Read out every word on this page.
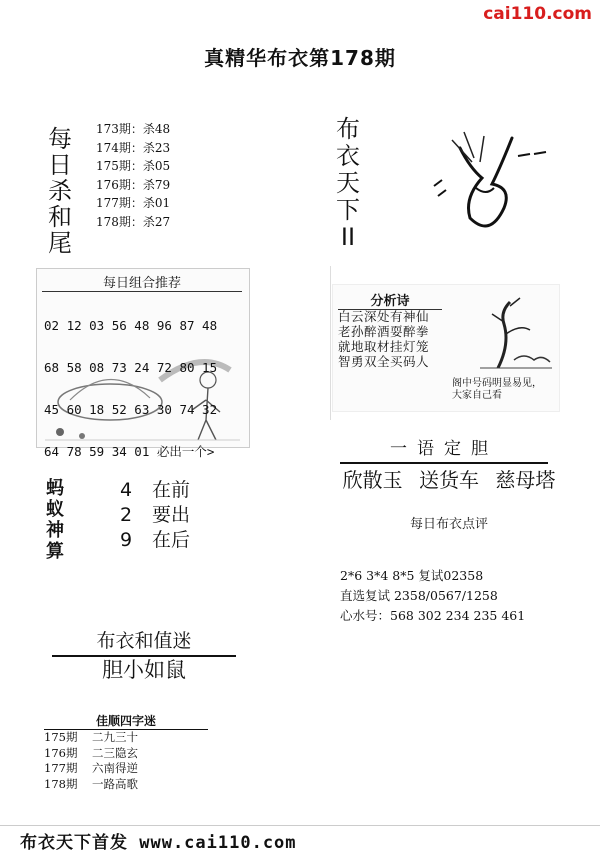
cai110.com
真精华布衣第178期
每
日
杀
和
尾
173期：杀48
174期：杀23
175期：杀05
176期：杀79
177期：杀01
178期：杀27
每日组合推荐

02 12 03 56 48 96 87 48

68 58 08 73 24 72 80 15

45 60 18 52 63 30 74 32

64 78 59 34 01 必出一个>

蚂
蚁
神
算
4 在前
2 要出
9 在后
布衣和值迷
胆小如鼠
佳顺四字迷
175期 二九三十
176期 二三隐玄
177期 六南得逆
178期 一路高歌
布
衣
天
下
II
分析诗
白云深处有神仙
老孙醉酒耍醉拳
就地取材挂灯笼
智勇双全买码人
阁中号码明显易见，
大家自己看
一语定胆
欣散玉 送货车 慈母塔
每日布衣点评
2*6 3*4 8*5 复试02358
直选复试 2358/0567/1258
心水号：568 302 234 235 461
布衣天下首发 www.cai110.com
